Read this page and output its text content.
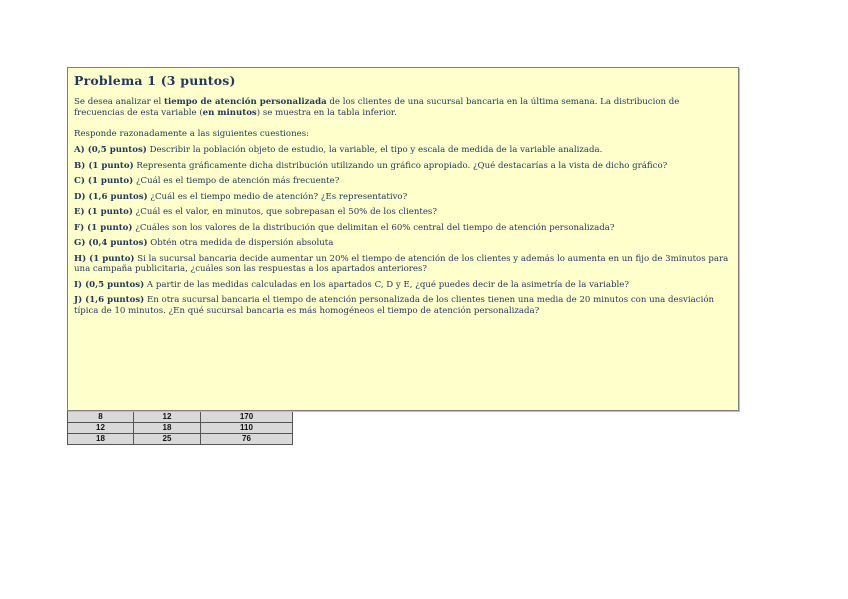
8	12	170
12	18	110
18	25	76
Problema 1 (3 puntos)

Se desea analizar el tiempo de atención personalizada de los clientes de una sucursal bancaria en la última semana. La distribucion de frecuencias de esta variable (en minutos) se muestra en la tabla inferior.

Responde razonadamente a las siguientes cuestiones:

A) (0,5 puntos) Describir la población objeto de estudio, la variable, el tipo y escala de medida de la variable analizada.

B) (1 punto) Representa gráficamente dicha distribución utilizando un gráfico apropiado. ¿Qué destacarías a la vista de dicho gráfico?

C) (1 punto) ¿Cuál es el tiempo de atención más frecuente?

D) (1,6 puntos) ¿Cuál es el tiempo medio de atención? ¿Es representativo?

E) (1 punto) ¿Cuál es el valor, en minutos, que sobrepasan el 50% de los clientes?

F) (1 punto) ¿Cuáles son los valores de la distribución que delimitan el 60% central del tiempo de atención personalizada?

G) (0,4 puntos) Obtén otra medida de dispersión absoluta

H) (1 punto) Si la sucursal bancaria decide aumentar un 20% el tiempo de atención de los clientes y además lo aumenta en un fijo de 3minutos para una campaña publicitaria, ¿cuáles son las respuestas a los apartados anteriores?

I) (0,5 puntos) A partir de las medidas calculadas en los apartados C, D y E, ¿qué puedes decir de la asimetría de la variable?

J) (1,6 puntos) En otra sucursal bancaria el tiempo de atención personalizada de los clientes tienen una media de 20 minutos con una desviación típica de 10 minutos. ¿En qué sucursal bancaria es más homogéneos el tiempo de atención personalizada?
